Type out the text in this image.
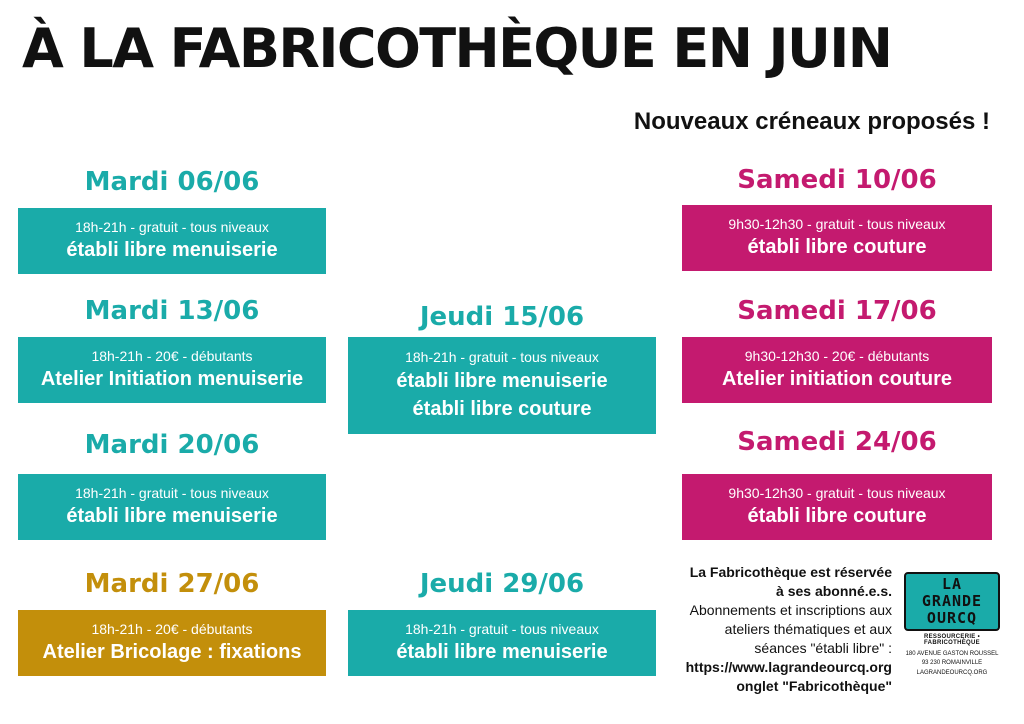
À LA FABRICOTHÈQUE EN JUIN
Nouveaux créneaux proposés !
Mardi 06/06
18h-21h - gratuit - tous niveaux
établi libre menuiserie
Mardi 13/06
18h-21h - 20€ - débutants
Atelier Initiation menuiserie
Mardi 20/06
18h-21h - gratuit - tous niveaux
établi libre menuiserie
Mardi 27/06
18h-21h - 20€ - débutants
Atelier Bricolage : fixations
Jeudi 15/06
18h-21h - gratuit - tous niveaux
établi libre menuiserie
établi libre couture
Jeudi 29/06
18h-21h - gratuit - tous niveaux
établi libre menuiserie
Samedi 10/06
9h30-12h30 - gratuit - tous niveaux
établi libre couture
Samedi 17/06
9h30-12h30 - 20€ - débutants
Atelier initiation couture
Samedi 24/06
9h30-12h30 - gratuit - tous niveaux
établi libre couture
La Fabricothèque est réservée
à ses abonné.e.s.
Abonnements et inscriptions aux
ateliers thématiques et aux
séances "établi libre" :
https://www.lagrandeourcq.org
onglet "Fabricothèque"
LA
GRANDE
OURCQ
RESSOURCERIE • FABRICOTHÈQUE
180 AVENUE GASTON ROUSSEL
93 230 ROMAINVILLE
LAGRANDEOURCQ.ORG
